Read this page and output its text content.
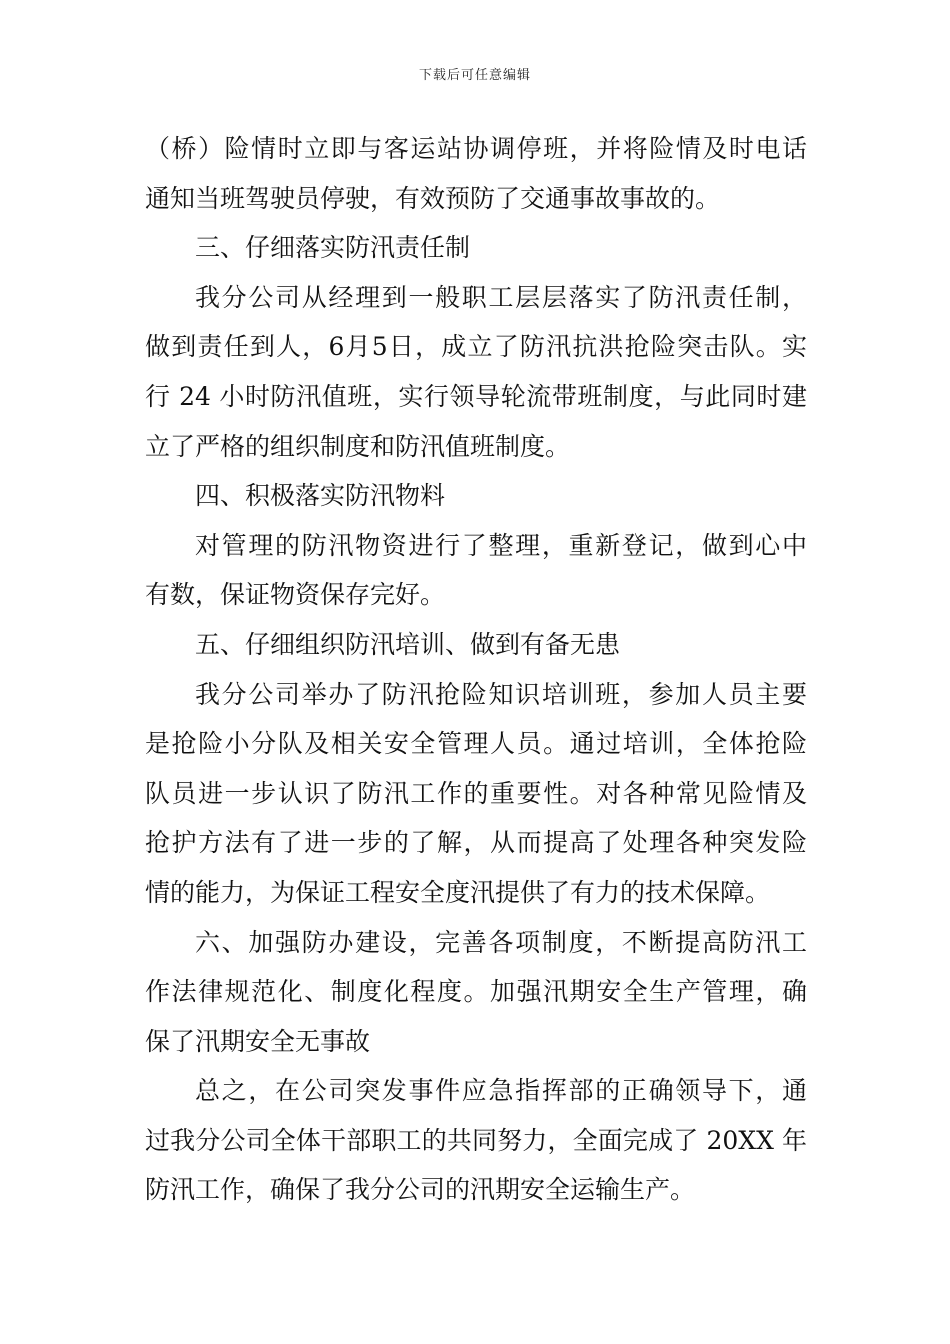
下载后可任意编辑
（桥）险情时立即与客运站协调停班，并将险情及时电话
通知当班驾驶员停驶，有效预防了交通事故事故的。
三、仔细落实防汛责任制
我分公司从经理到一般职工层层落实了防汛责任制，
做到责任到人，6月5日，成立了防汛抗洪抢险突击队。实
行 24 小时防汛值班，实行领导轮流带班制度，与此同时建
立了严格的组织制度和防汛值班制度。
四、积极落实防汛物料
对管理的防汛物资进行了整理，重新登记，做到心中
有数，保证物资保存完好。
五、仔细组织防汛培训、做到有备无患
我分公司举办了防汛抢险知识培训班，参加人员主要
是抢险小分队及相关安全管理人员。通过培训，全体抢险
队员进一步认识了防汛工作的重要性。对各种常见险情及
抢护方法有了进一步的了解，从而提高了处理各种突发险
情的能力，为保证工程安全度汛提供了有力的技术保障。
六、加强防办建设，完善各项制度，不断提高防汛工
作法律规范化、制度化程度。加强汛期安全生产管理，确
保了汛期安全无事故
总之，在公司突发事件应急指挥部的正确领导下，通
过我分公司全体干部职工的共同努力，全面完成了 20XX 年
防汛工作，确保了我分公司的汛期安全运输生产。
